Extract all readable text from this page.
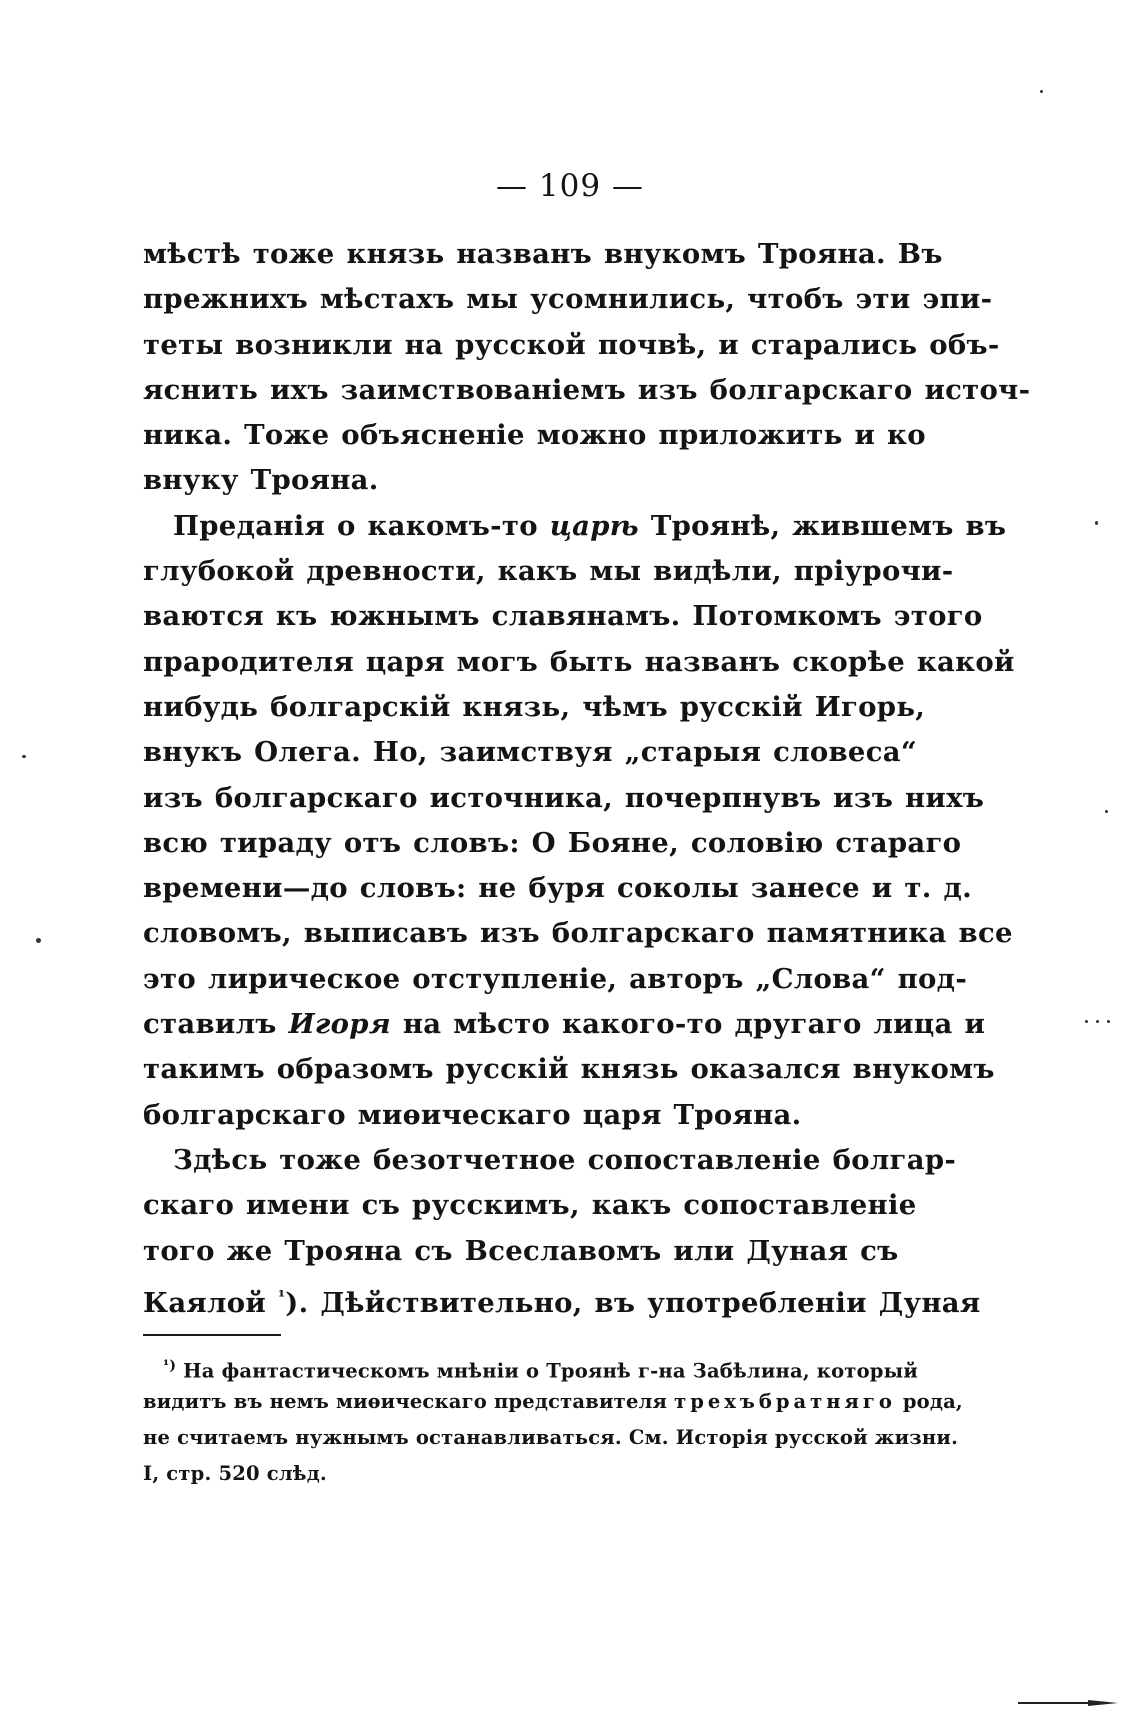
— 109 —
мѣстѣ тоже князь названъ внукомъ Трояна. Въ
прежнихъ мѣстахъ мы усомнились, чтобъ эти эпи-
теты возникли на русской почвѣ, и старались объ-
яснить ихъ заимствованіемъ изъ болгарскаго источ-
ника. Тоже объясненіе можно приложить и ко
внуку Трояна.
Преданія о какомъ-то царѣ Троянѣ, жившемъ въ
глубокой древности, какъ мы видѣли, пріурочи-
ваются къ южнымъ славянамъ. Потомкомъ этого
прародителя царя могъ быть названъ скорѣе какой
нибудь болгарскій князь, чѣмъ русскій Игорь,
внукъ Олега. Но, заимствуя „старыя словеса“
изъ болгарскаго источника, почерпнувъ изъ нихъ
всю тираду отъ словъ: О Бояне, соловію стараго
времени—до словъ: не буря соколы занесе и т. д.
словомъ, выписавъ изъ болгарскаго памятника все
это лирическое отступленіе, авторъ „Слова“ под-
ставилъ Игоря на мѣсто какого-то другаго лица и
такимъ образомъ русскій князь оказался внукомъ
болгарскаго миѳическаго царя Трояна.
Здѣсь тоже безотчетное сопоставленіе болгар-
скаго имени съ русскимъ, какъ сопоставленіе
того же Трояна съ Всеславомъ или Дуная съ
Каялой $^{^1}$). Дѣйствительно, въ употребленіи Дуная
$^{^1)}$ На фантастическомъ мнѣніи о Троянѣ г-на Забѣлина, который
видитъ въ немъ миѳическаго представителя трехъбратняго рода,
не считаемъ нужнымъ останавливаться. См. Исторія русской жизни.
I, стр. 520 слѣд.
